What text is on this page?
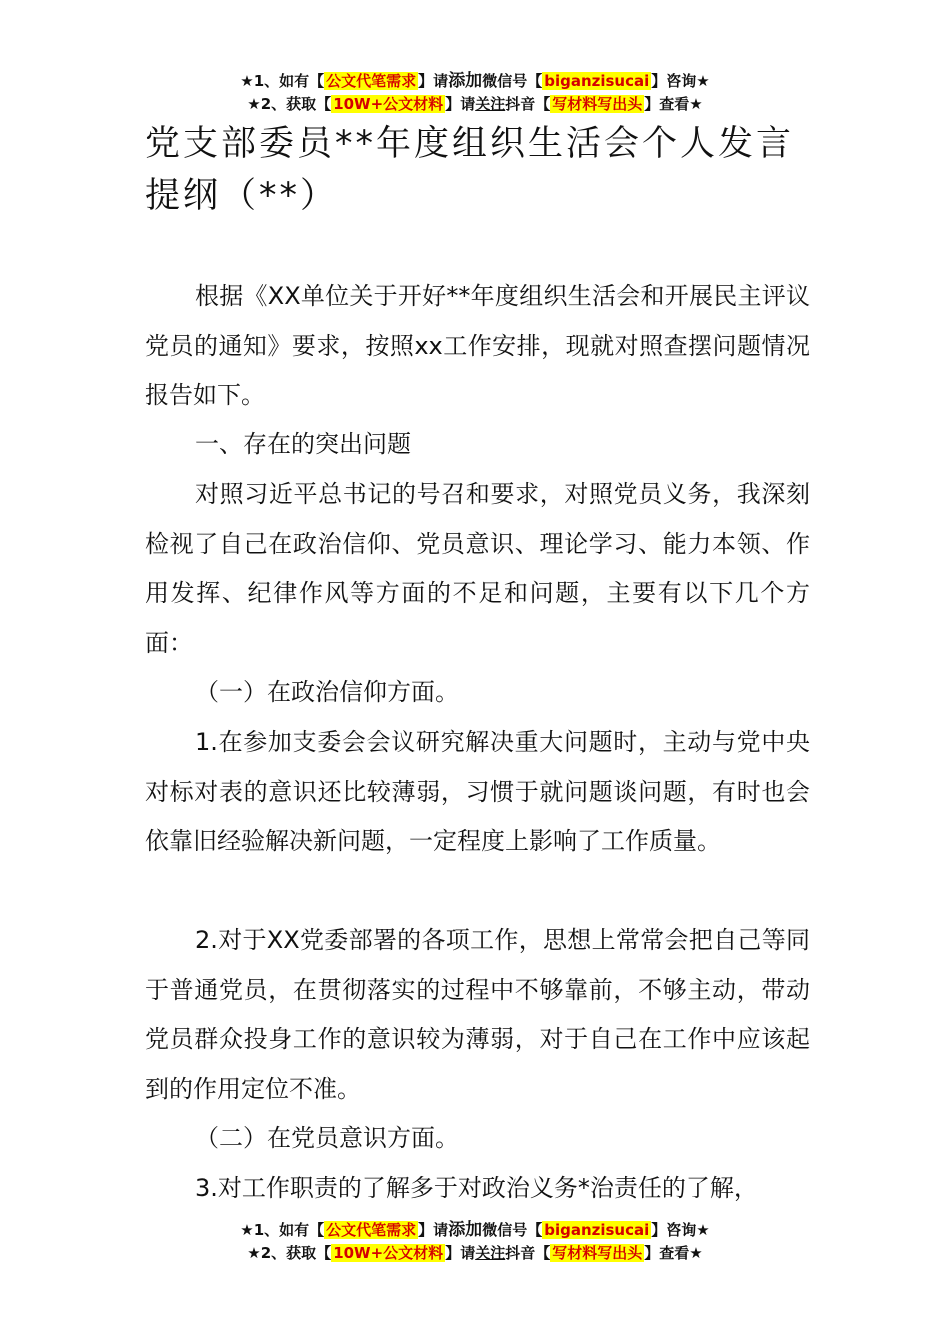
★1、如有【 公文代笔需求 】请添加微信号【 biganzisucai 】咨询★
★2、获取【 10W+公文材料 】请关注抖音【 写材料写出头 】查看★
党支部委员**年度组织生活会个人发言提纲（**）

根据《XX单位关于开好**年度组织生活会和开展民主评议党员的通知》要求，按照xx工作安排，现就对照查摆问题情况报告如下。

一、存在的突出问题

对照习近平总书记的号召和要求，对照党员义务，我深刻检视了自己在政治信仰、党员意识、理论学习、能力本领、作用发挥、纪律作风等方面的不足和问题，主要有以下几个方面：

（一）在政治信仰方面。

1.在参加支委会会议研究解决重大问题时，主动与党中央对标对表的意识还比较薄弱，习惯于就问题谈问题，有时也会依靠旧经验解决新问题，一定程度上影响了工作质量。

2.对于XX党委部署的各项工作，思想上常常会把自己等同于普通党员，在贯彻落实的过程中不够靠前，不够主动，带动党员群众投身工作的意识较为薄弱，对于自己在工作中应该起到的作用定位不准。

（二）在党员意识方面。

3.对工作职责的了解多于对政治义务*治责任的了解，

★1、如有【 公文代笔需求 】请添加微信号【 biganzisucai 】咨询★
★2、获取【 10W+公文材料 】请关注抖音【 写材料写出头 】查看★
